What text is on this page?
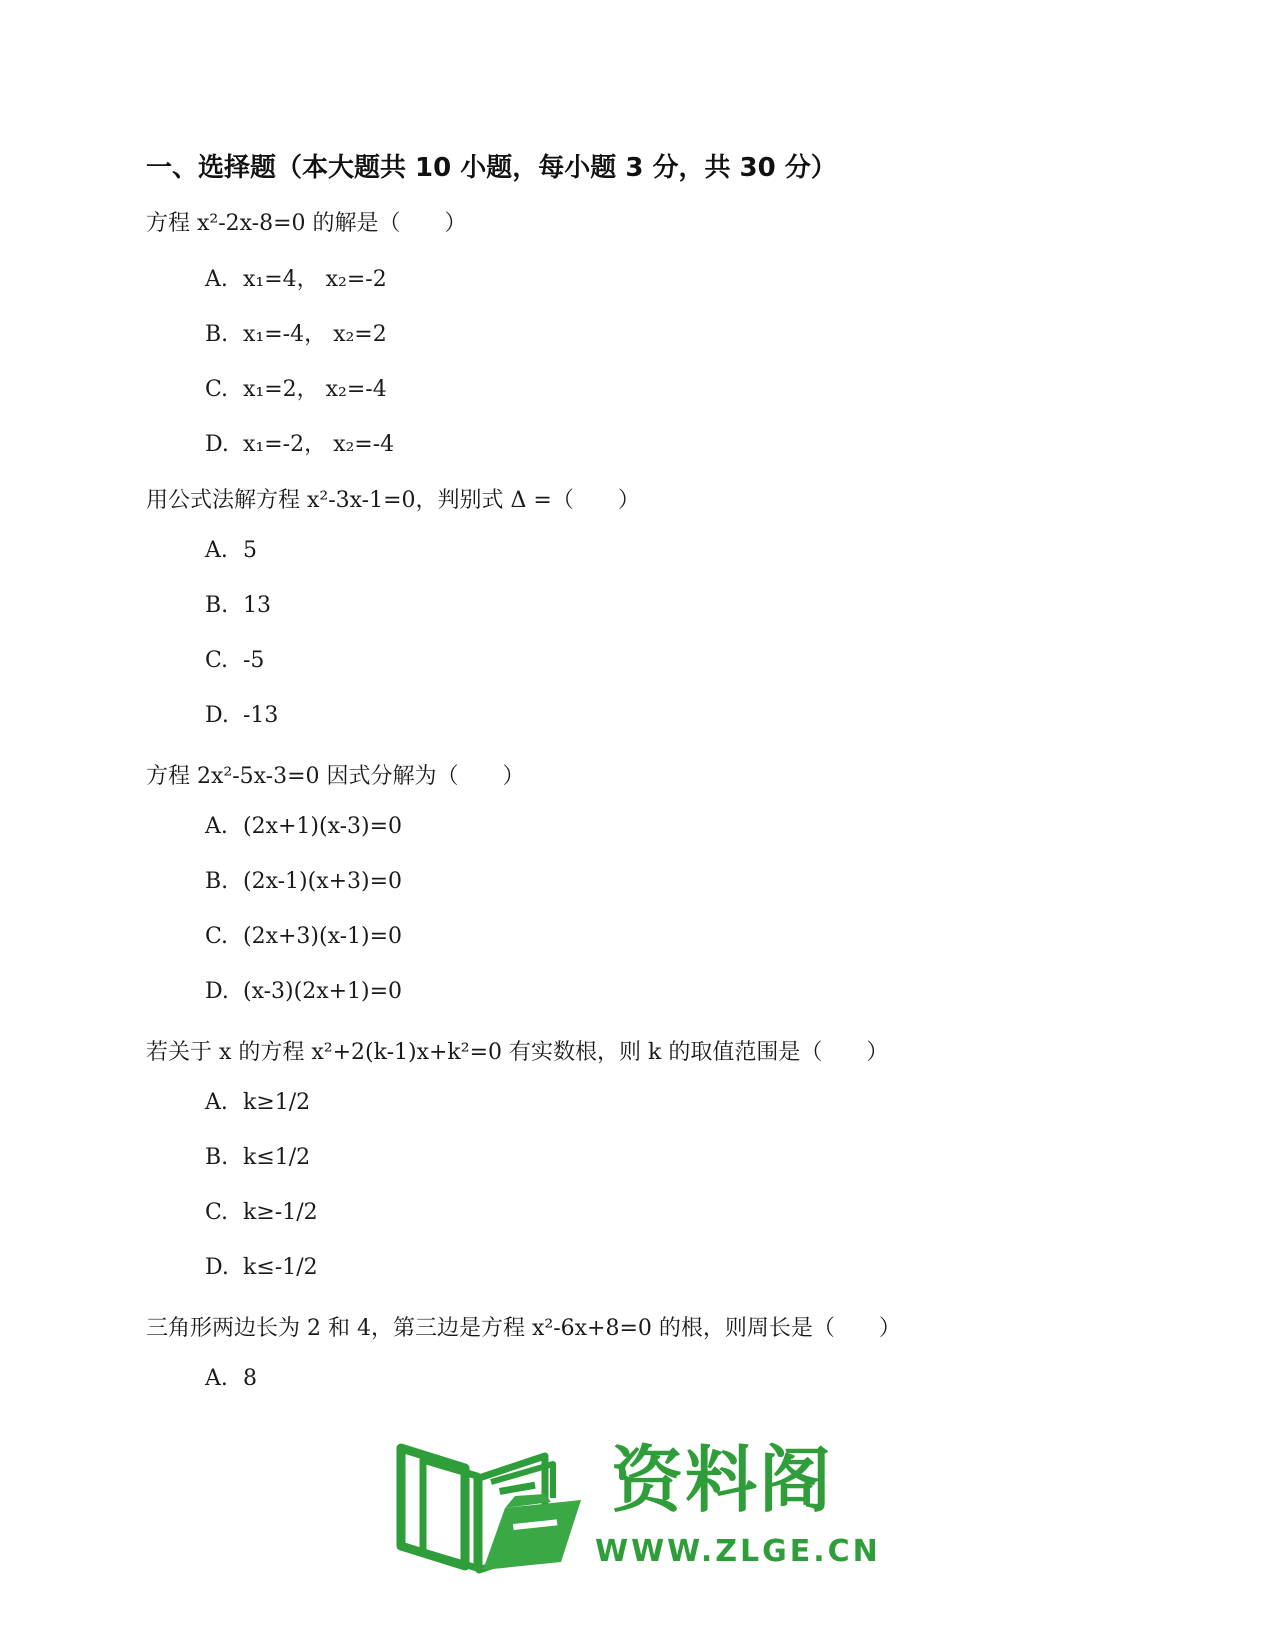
一、选择题（本大题共 10 小题，每小题 3 分，共 30 分）
方程 x²-2x-8=0 的解是（　　）
A. x₁=4， x₂=-2
B. x₁=-4， x₂=2
C. x₁=2， x₂=-4
D. x₁=-2， x₂=-4
用公式法解方程 x²-3x-1=0，判别式 Δ =（　　）
A. 5
B. 13
C. -5
D. -13
方程 2x²-5x-3=0 因式分解为（　　）
A. (2x+1)(x-3)=0
B. (2x-1)(x+3)=0
C. (2x+3)(x-1)=0
D. (x-3)(2x+1)=0
若关于 x 的方程 x²+2(k-1)x+k²=0 有实数根，则 k 的取值范围是（　　）
A. k≥1/2
B. k≤1/2
C. k≥-1/2
D. k≤-1/2
三角形两边长为 2 和 4，第三边是方程 x²-6x+8=0 的根，则周长是（　　）
A. 8
资料阁
WWW.ZLGE.CN
